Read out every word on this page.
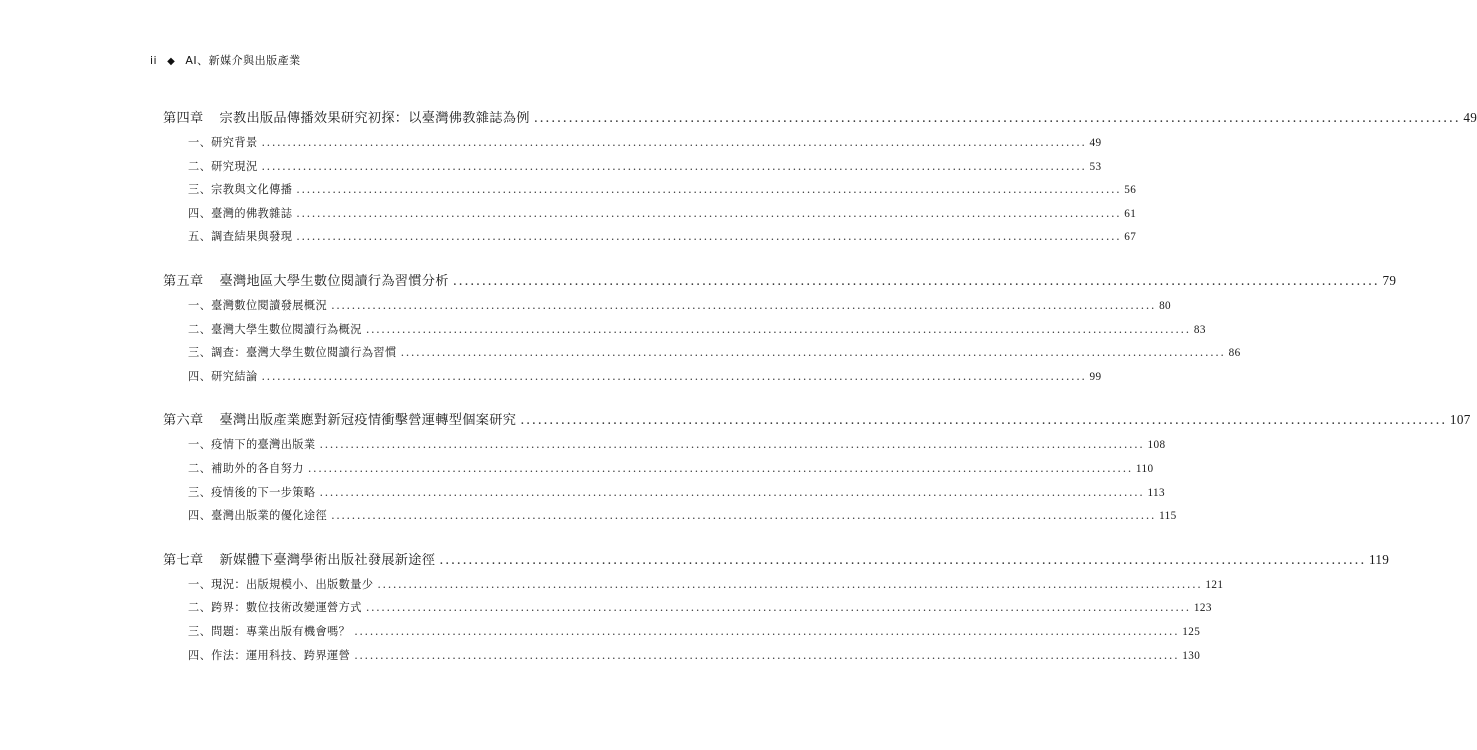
ii ◆ AI、新媒介與出版產業
第四章 宗教出版品傳播效果研究初探：以臺灣佛教雜誌為例 ................................................................................................................................................................ 49
一、研究背景 ................................................................................................................................................................ 49
二、研究現況 ................................................................................................................................................................ 53
三、宗教與文化傳播 ................................................................................................................................................................ 56
四、臺灣的佛教雜誌 ................................................................................................................................................................ 61
五、調查結果與發現 ................................................................................................................................................................ 67
第五章 臺灣地區大學生數位閱讀行為習慣分析 ................................................................................................................................................................ 79
一、臺灣數位閱讀發展概況 ................................................................................................................................................................ 80
二、臺灣大學生數位閱讀行為概況 ................................................................................................................................................................ 83
三、調查：臺灣大學生數位閱讀行為習慣 ................................................................................................................................................................ 86
四、研究結論 ................................................................................................................................................................ 99
第六章 臺灣出版產業應對新冠疫情衝擊營運轉型個案研究 ................................................................................................................................................................ 107
一、疫情下的臺灣出版業 ................................................................................................................................................................ 108
二、補助外的各自努力 ................................................................................................................................................................ 110
三、疫情後的下一步策略 ................................................................................................................................................................ 113
四、臺灣出版業的優化途徑 ................................................................................................................................................................ 115
第七章 新媒體下臺灣學術出版社發展新途徑 ................................................................................................................................................................ 119
一、現況：出版規模小、出版數量少 ................................................................................................................................................................ 121
二、跨界：數位技術改變運營方式 ................................................................................................................................................................ 123
三、問題：專業出版有機會嗎？ ................................................................................................................................................................ 125
四、作法：運用科技、跨界運營 ................................................................................................................................................................ 130
